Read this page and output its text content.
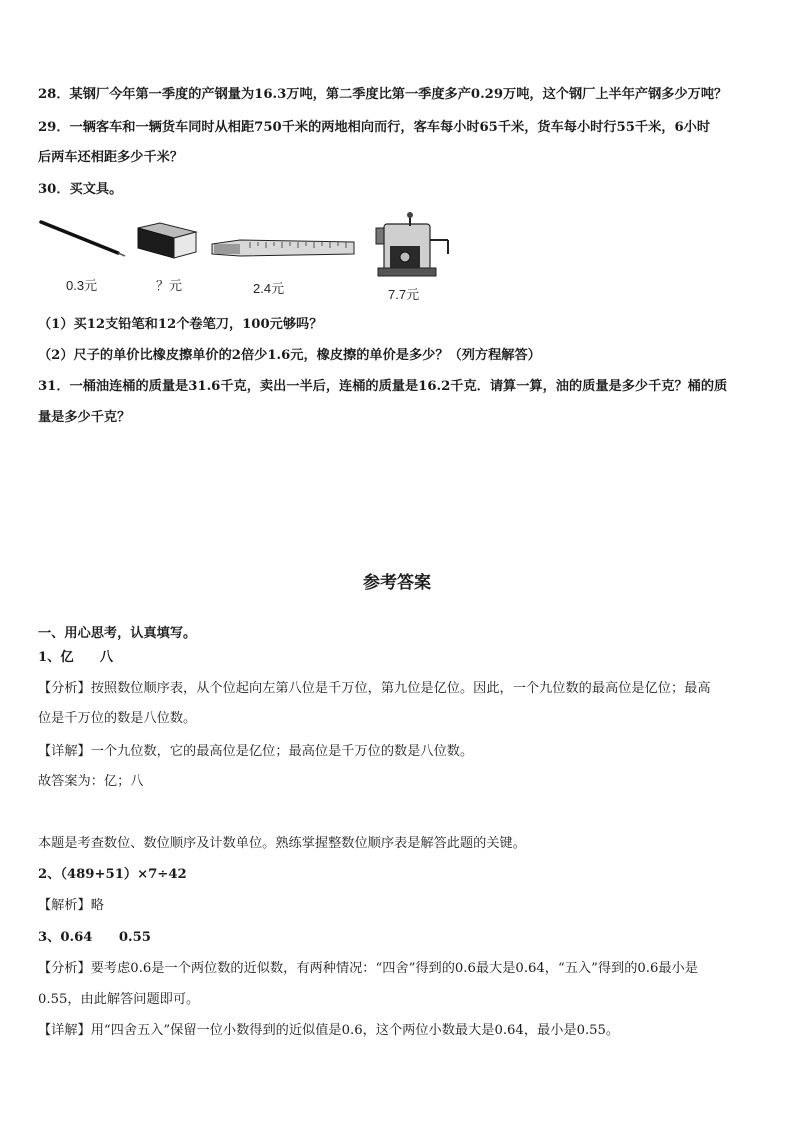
28．某钢厂今年第一季度的产钢量为16.3万吨，第二季度比第一季度多产0.29万吨，这个钢厂上半年产钢多少万吨？
29．一辆客车和一辆货车同时从相距750千米的两地相向而行，客车每小时65千米，货车每小时行55千米，6小时
后两车还相距多少千米？
30．买文具。
0.3元	？元	2.4元	7.7元
（1）买12支铅笔和12个卷笔刀，100元够吗？
（2）尺子的单价比橡皮擦单价的2倍少1.6元，橡皮擦的单价是多少？（列方程解答）
31．一桶油连桶的质量是31.6千克，卖出一半后，连桶的质量是16.2千克．请算一算，油的质量是多少千克？桶的质
量是多少千克？
参考答案
一、用心思考，认真填写。
1、亿　　八
【分析】按照数位顺序表，从个位起向左第八位是千万位，第九位是亿位。因此，一个九位数的最高位是亿位；最高
位是千万位的数是八位数。
【详解】一个九位数，它的最高位是亿位；最高位是千万位的数是八位数。
故答案为：亿；八
本题是考查数位、数位顺序及计数单位。熟练掌握整数位顺序表是解答此题的关键。
2、（489+51）×7÷42
【解析】略
3、0.64　　0.55
【分析】要考虑0.6是一个两位数的近似数，有两种情况：“四舍”得到的0.6最大是0.64，“五入”得到的0.6最小是
0.55，由此解答问题即可。
【详解】用“四舍五入”保留一位小数得到的近似值是0.6，这个两位小数最大是0.64，最小是0.55。
